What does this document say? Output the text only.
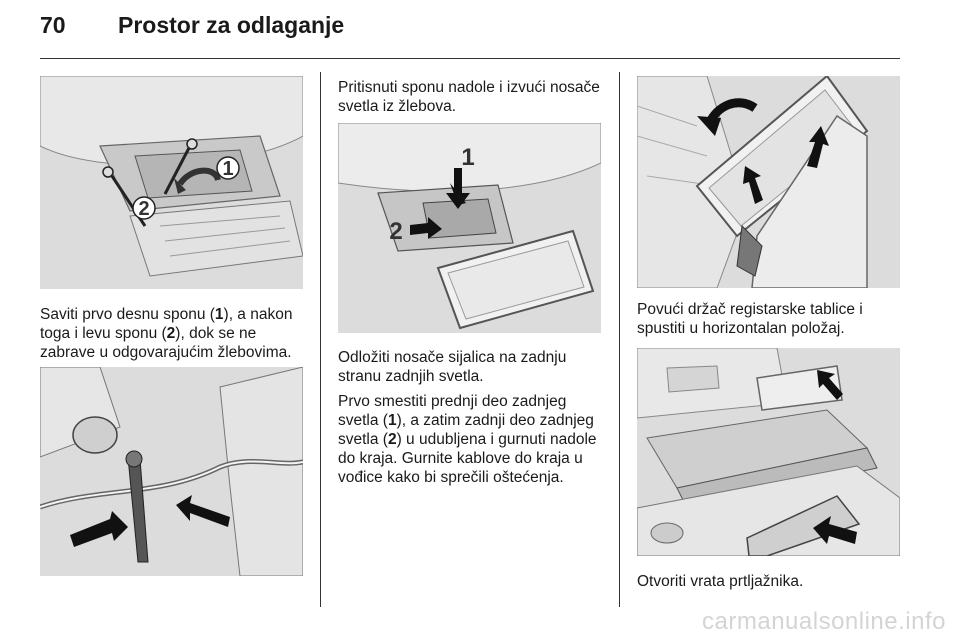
70 Prostor za odlaganje
1
2

Saviti prvo desnu sponu (1), a nakon toga i levu sponu (2), dok se ne zabrave u odgovarajućim žlebovima.

Pritisnuti sponu nadole i izvući nosače svetla iz žlebova.

1
2

Odložiti nosače sijalica na zadnju stranu zadnjih svetla.

Prvo smestiti prednji deo zadnjeg svetla (1), a zatim zadnji deo zadnjeg svetla (2) u udubljena i gurnuti nadole do kraja. Gurnite kablove do kraja u vođice kako bi sprečili oštećenja.

Povući držač registarske tablice i spustiti u horizontalan položaj.

Otvoriti vrata prtljažnika.

carmanualsonline.info
